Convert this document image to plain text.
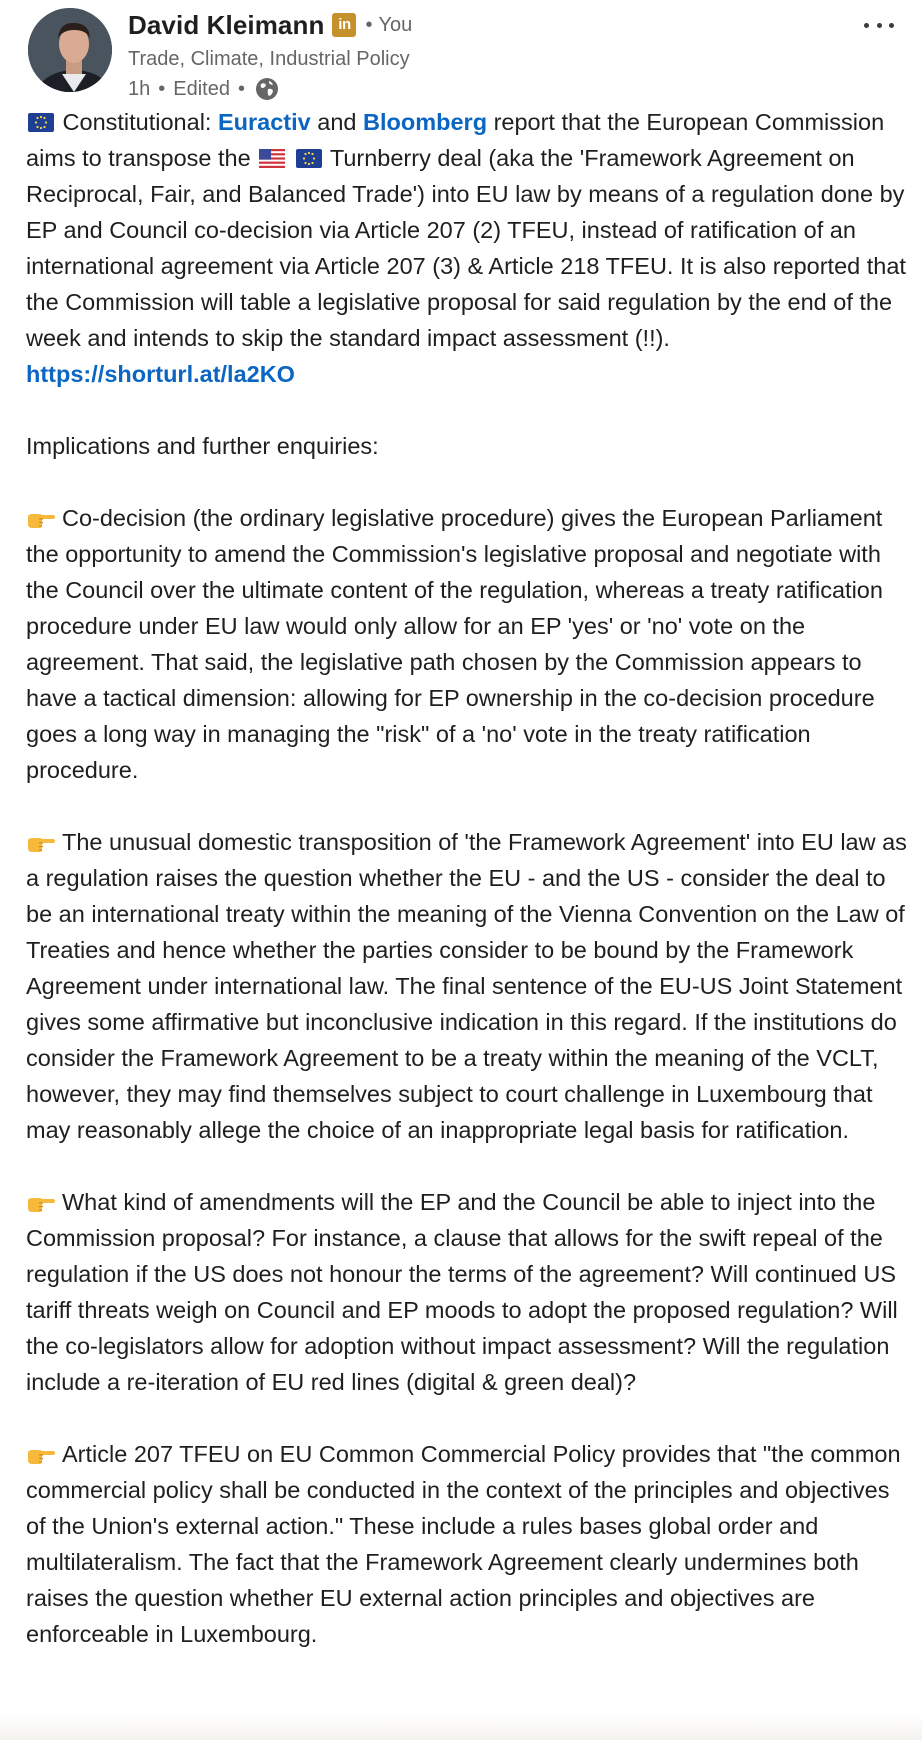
David Kleimann in • You
Trade, Climate, Industrial Policy
1h • Edited •
Constitutional: Euractiv and Bloomberg report that the European Commission aims to transpose the	Turnberry deal (aka the 'Framework Agreement on Reciprocal, Fair, and Balanced Trade') into EU law by means of a regulation done by EP and Council co-decision via Article 207 (2) TFEU, instead of ratification of an international agreement via Article 207 (3) & Article 218 TFEU. It is also reported that the Commission will table a legislative proposal for said regulation by the end of the week and intends to skip the standard impact assessment (!!). https://shorturl.at/la2KO
Implications and further enquiries:
Co-decision (the ordinary legislative procedure) gives the European Parliament the opportunity to amend the Commission's legislative proposal and negotiate with the Council over the ultimate content of the regulation, whereas a treaty ratification procedure under EU law would only allow for an EP 'yes' or 'no' vote on the agreement. That said, the legislative path chosen by the Commission appears to have a tactical dimension: allowing for EP ownership in the co-decision procedure goes a long way in managing the "risk" of a 'no' vote in the treaty ratification procedure.
The unusual domestic transposition of 'the Framework Agreement' into EU law as a regulation raises the question whether the EU - and the US - consider the deal to be an international treaty within the meaning of the Vienna Convention on the Law of Treaties and hence whether the parties consider to be bound by the Framework Agreement under international law. The final sentence of the EU-US Joint Statement gives some affirmative but inconclusive indication in this regard. If the institutions do consider the Framework Agreement to be a treaty within the meaning of the VCLT, however, they may find themselves subject to court challenge in Luxembourg that may reasonably allege the choice of an inappropriate legal basis for ratification.
What kind of amendments will the EP and the Council be able to inject into the Commission proposal? For instance, a clause that allows for the swift repeal of the regulation if the US does not honour the terms of the agreement? Will continued US tariff threats weigh on Council and EP moods to adopt the proposed regulation? Will the co-legislators allow for adoption without impact assessment? Will the regulation include a re-iteration of EU red lines (digital & green deal)?
Article 207 TFEU on EU Common Commercial Policy provides that "the common commercial policy shall be conducted in the context of the principles and objectives of the Union's external action." These include a rules bases global order and multilateralism. The fact that the Framework Agreement clearly undermines both raises the question whether EU external action principles and objectives are enforceable in Luxembourg.
